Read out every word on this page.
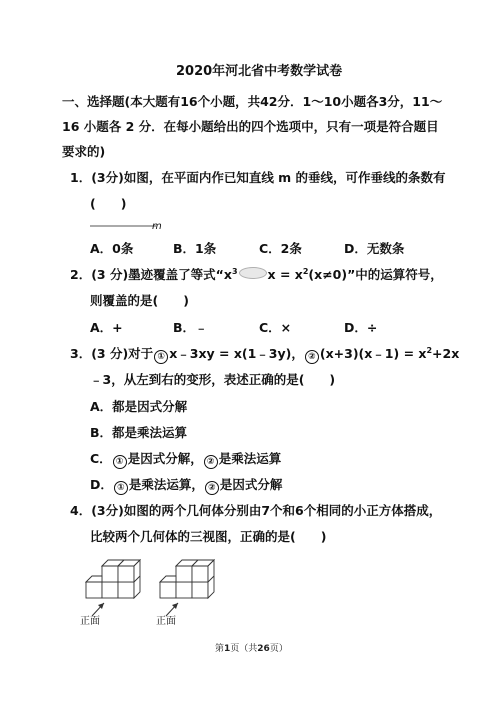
2020年河北省中考数学试卷
一、选择题(本大题有16个小题，共42分．1～10小题各3分，11～
16 小题各 2 分．在每小题给出的四个选项中，只有一项是符合题目
要求的)
1．(3分)如图，在平面内作已知直线 m 的垂线，可作垂线的条数有
(　　)
m
A．0条	B．1条	C．2条	D．无数条
2．(3 分)墨迹覆盖了等式“$x^3$ $x = x^2(x\ne 0)$”中的运算符号，
则覆盖的是(　　)
A．+	B．﹣	C．×	D．÷
3．(3 分)对于 ① x﹣3xy = x(1﹣3y)， ② (x+3)(x﹣1) = $x^2+2x$
﹣3，从左到右的变形，表述正确的是(　　)
A．都是因式分解
B．都是乘法运算
C． ① 是因式分解， ② 是乘法运算
D． ① 是乘法运算， ② 是因式分解
4．(3分)如图的两个几何体分别由7个和6个相同的小正方体搭成，
比较两个几何体的三视图，正确的是(　　)
正面	正面
第1页（共26页）
